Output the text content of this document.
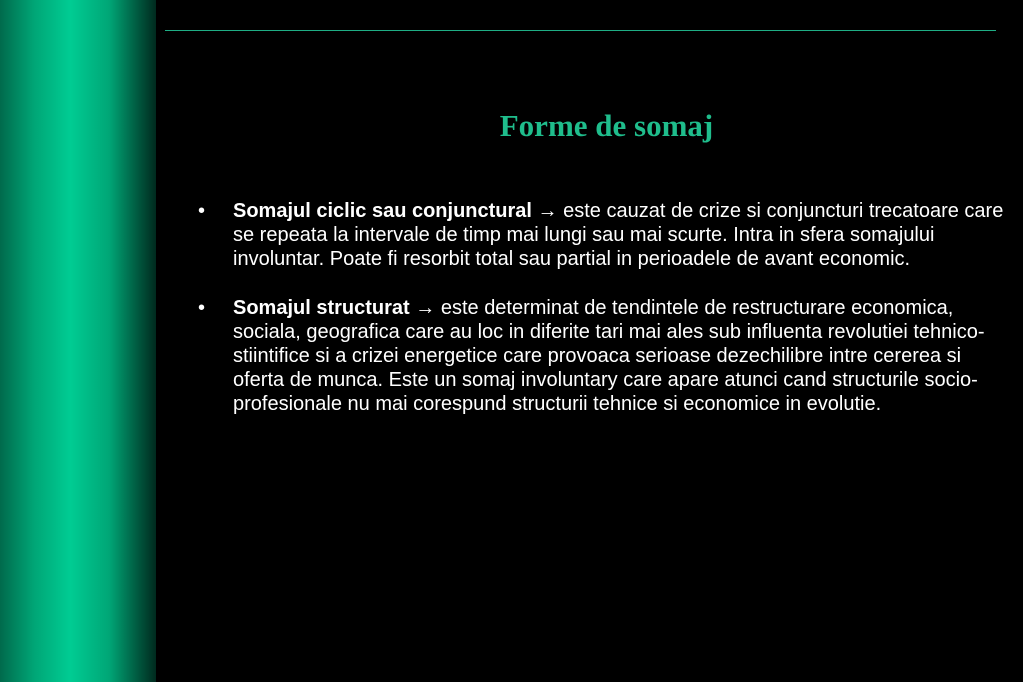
Forme de somaj
• Somajul ciclic sau conjunctural → este cauzat de crize si conjuncturi trecatoare care se repeata la intervale de timp mai lungi sau mai scurte. Intra in sfera somajului involuntar. Poate fi resorbit total sau partial in perioadele de avant economic.
• Somajul structurat → este determinat de tendintele de restructurare economica, sociala, geografica care au loc in diferite tari mai ales sub influenta revolutiei tehnico-stiintifice si a crizei energetice care provoaca serioase dezechilibre intre cererea si oferta de munca. Este un somaj involuntary care apare atunci cand structurile socio-profesionale nu mai corespund structurii tehnice si economice in evolutie.
